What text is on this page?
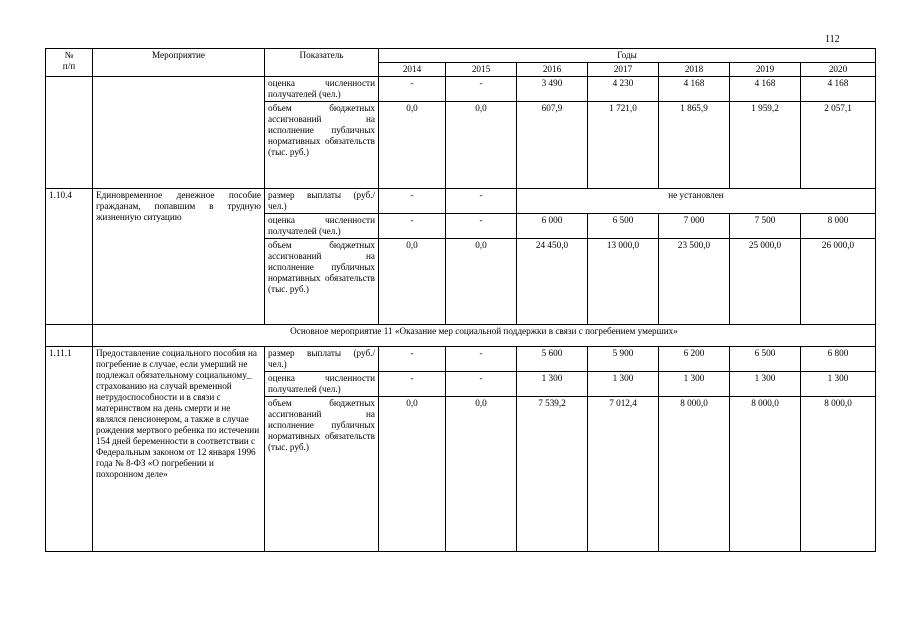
112
№
п/п	Мероприятие	Показатель	Годы						
			2014	2015	2016	2017	2018	2019	2020
		оценка численности получателей (чел.)	-	-	3 490	4 230	4 168	4 168	4 168
		объем бюджетных ассигнований на исполнение публичных нормативных обязательств (тыс. руб.)	0,0	0,0	607,9	1 721,0	1 865,9	1 959,2	2 057,1
1.10.4	Единовременное денежное пособие гражданам, попавшим в трудную жизненную ситуацию	размер выплаты (руб./ чел.)	-	-	не установлен				
		оценка численности получателей (чел.)	-	-	6 000	6 500	7 000	7 500	8 000
		объем бюджетных ассигнований на исполнение публичных нормативных обязательств (тыс. руб.)	0,0	0,0	24 450,0	13 000,0	23 500,0	25 000,0	26 000,0
	Основное мероприятие 11 «Оказание мер социальной поддержки в связи с погребением умерших»								
1.11.1	Предоставление социального пособия на погребение в случае, если умерший не подлежал обязательному социальному_ страхованию на случай временной нетрудоспособности и в связи с материнством на день смерти и не являлся пенсионером, а также в случае рождения мертвого ребенка по истечении 154 дней беременности в соответствии с Федеральным законом от 12 января 1996 года № 8-ФЗ «О погребении и похоронном деле»	размер выплаты (руб./ чел.)	-	-	5 600	5 900	6 200	6 500	6 800
		оценка численности получателей (чел.)	-	-	1 300	1 300	1 300	1 300	1 300
		объем бюджетных ассигнований на исполнение публичных нормативных обязательств (тыс. руб.)	0,0	0,0	7 539,2	7 012,4	8 000,0	8 000,0	8 000,0
